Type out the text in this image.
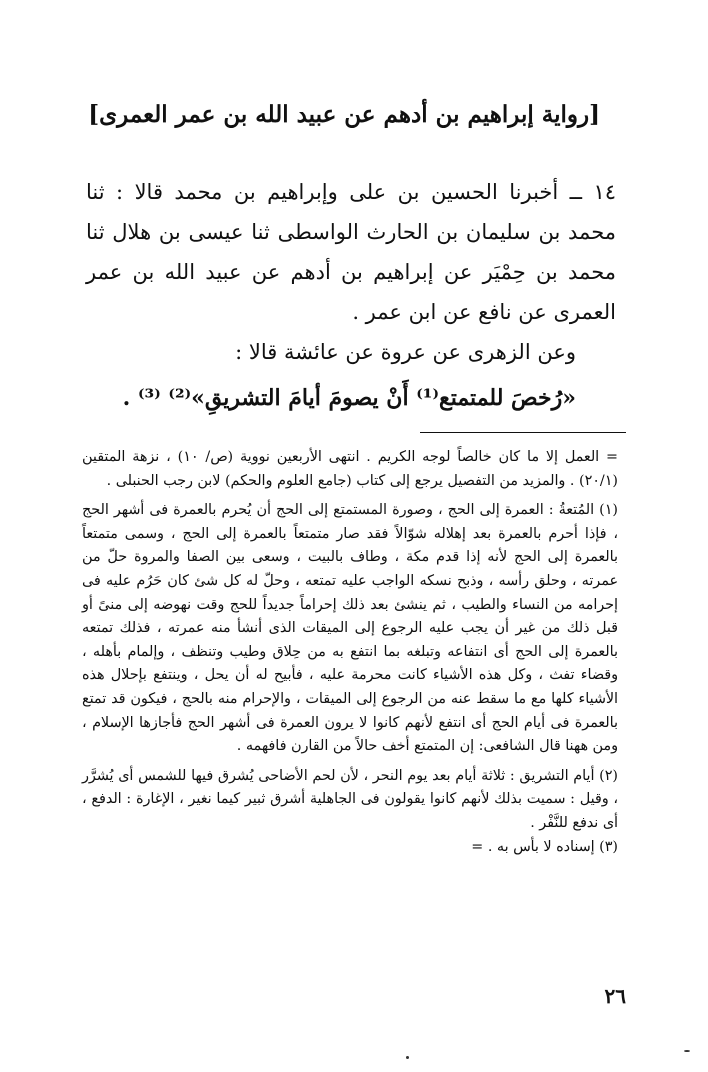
[رواية إبراهيم بن أدهم عن عبيد الله بن عمر العمرى]

١٤ ــ أخبرنا الحسين بن على وإبراهيم بن محمد قالا : ثنا محمد بن سليمان بن الحارث الواسطى ثنا عيسى بن هلال ثنا محمد بن حِمْيَر عن إبراهيم بن أدهم عن عبيد الله بن عمر العمرى عن نافع عن ابن عمر .

وعن الزهرى عن عروة عن عائشة قالا :
«رُخصَ للمتمتع⁽¹⁾ أَنْ يصومَ أيامَ التشريقِ»⁽²⁾ ⁽³⁾ .

= العمل إلا ما كان خالصاً لوجه الكريم . انتهى الأربعين نووية (ص/ ١٠) ، نزهة المتقين (٢٠/١) . والمزيد من التفصيل يرجع إلى كتاب (جامع العلوم والحكم) لابن رجب الحنبلى .

(١) المُتعةُ : العمرة إلى الحج ، وصورة المستمتع إلى الحج أن يُحرم بالعمرة فى أشهر الحج ، فإذا أحرم بالعمرة بعد إهلاله شوّالاً فقد صار متمتعاً بالعمرة إلى الحج ، وسمى متمتعاً بالعمرة إلى الحج لأنه إذا قدم مكة ، وطاف بالبيت ، وسعى بين الصفا والمروة حلّ من عمرته ، وحلق رأسه ، وذبح نسكه الواجب عليه تمتعه ، وحلّ له كل شئ كان حَرُم عليه فى إحرامه من النساء والطيب ، ثم ينشئ بعد ذلك إحراماً جديداً للحج وقت نهوضه إلى منىً أو قبل ذلك من غير أن يجب عليه الرجوع إلى الميقات الذى أنشأ منه عمرته ، فذلك تمتعه بالعمرة إلى الحج أى انتفاعه وتبلغه بما انتفع به من حِلاق وطيب وتنظف ، وإلمام بأهله ، وقضاء تفث ، وكل هذه الأشياء كانت محرمة عليه ، فأبيح له أن يحل ، وينتفع بإحلال هذه الأشياء كلها مع ما سقط عنه من الرجوع إلى الميقات ، والإحرام منه بالحج ، فيكون قد تمتع بالعمرة فى أيام الحج أى انتفع لأنهم كانوا لا يرون العمرة فى أشهر الحج فأجازها الإسلام ، ومن ههنا قال الشافعى: إن المتمتع أخف حالاً من القارن فافهمه .

(٢) أيام التشريق : ثلاثة أيام بعد يوم النحر ، لأن لحم الأضاحى يُشرق فيها للشمس أى يُشرَّر ، وقيل : سميت بذلك لأنهم كانوا يقولون فى الجاهلية أشرق ثبير كيما نغير ، الإغارة : الدفع ، أى ندفع للنَّفْر .

(٣) إسناده لا بأس به . =

٢٦
